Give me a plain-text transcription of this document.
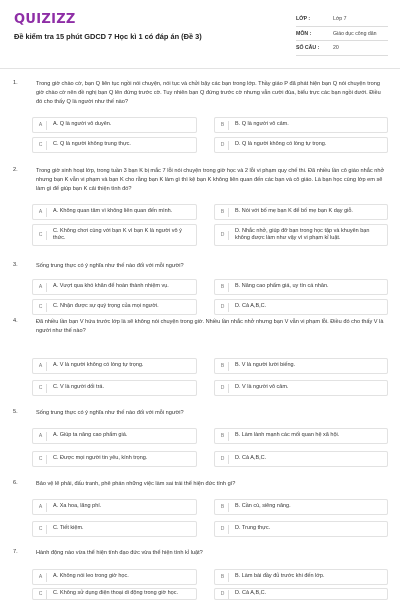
QUIZIZZ
Đề kiểm tra 15 phút GDCD 7 Học kì 1 có đáp án (Đề 3)
LỚP :	Lớp 7
MÔN :	Giáo dục công dân
SỐ CÂU :	20
1.	Trong giờ chào cờ, bạn Q liên tục ngồi nói chuyện, nói tục và chửi bậy các bạn trong lớp. Thầy giáo P đã phát hiện bạn Q nói chuyện trong giờ chào cờ nên đề nghị bạn Q lên đứng trước cờ. Tuy nhiên bạn Q đứng trước cờ nhưng vẫn cười đùa, biểu trực các bạn ngồi dưới. Điều đó cho thấy Q là người như thế nào?
A	A. Q là người vô duyên.	B	B. Q là người vô cảm.
C	C. Q là người không trung thực.	D	D. Q là người không có lòng tự trọng.
2.	Trong giờ sinh hoạt lớp, trong tuần 3 bạn K bị mắc 7 lỗi nói chuyện trong giờ học và 2 lỗi vi phạm quy chế thi. Đã nhiều lần cô giáo nhắc nhở nhưng bạn K vẫn vi phạm và bạn K cho rằng bạn K làm gì thì kệ bạn K không liên quan đến các bạn và cô giáo. Là bạn học cùng lớp em sẽ làm gì để giúp bạn K cải thiện tình đó?
A	A. Không quan tâm vì không liên quan đến mình.	B	B. Nói với bố mẹ bạn K để bố mẹ bạn K dạy giỗ.
C
C. Không chơi cùng với bạn K vì bạn K là người vô ý thức.	D
D. Nhắc nhở, giúp đỡ bạn trong học tập và khuyên bạn không được làm như vậy vì vi phạm kỉ luật.
3.	Sống trung thực có ý nghĩa như thế nào đối với mỗi người?
A	A. Vượt qua khó khăn để hoàn thành nhiệm vụ.	B	B. Nâng cao phẩm giá, uy tín cá nhân.
C	C. Nhận được sự quý trọng của mọi người.	D	D. Cả A,B,C.
4.	Đã nhiều lần bạn V hứa trước lớp là sẽ không nói chuyện trong giờ. Nhiều lần nhắc nhở nhưng bạn V vẫn vi phạm lỗi. Điều đó cho thấy V là người như thế nào?
A	A. V là người không có lòng tự trọng.	B	B. V là người lười biếng.
C	C. V là người dối trá.	D	D. V là người vô cảm.
5.	Sống trung thực có ý nghĩa như thế nào đối với mỗi người?
A	A. Giúp ta nâng cao phẩm giá.	B	B. Làm lành mạnh các mối quan hệ xã hội.
C	C. Được mọi người tin yêu, kính trọng.	D	D. Cả A,B,C.
6.	Bảo vệ lẽ phải, đấu tranh, phê phán những việc làm sai trái thể hiện đức tính gì?
A	A. Xa hoa, lãng phí.	B	B. Cần cù, siêng năng.
C	C. Tiết kiệm.	D	D. Trung thực.
7.	Hành động nào vừa thể hiện tính đạo đức vừa thể hiện tính kỉ luật?
A	A. Không nói leo trong giờ học.	B	B. Làm bài đầy đủ trước khi đến lớp.
C	C. Không sử dụng điện thoại di động trong giờ học.	D	D. Cả A,B,C.
